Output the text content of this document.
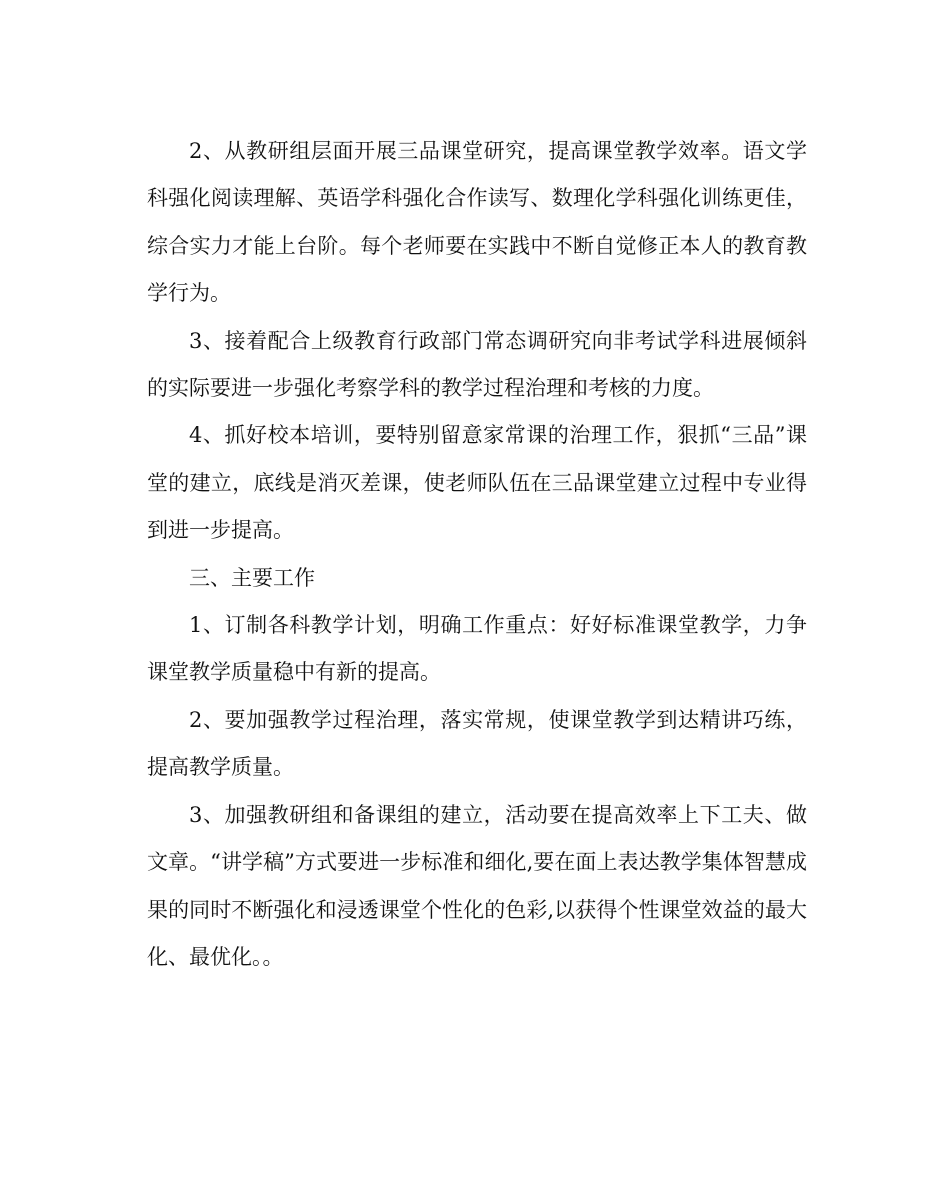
2、从教研组层面开展三品课堂研究，提高课堂教学效率。语文学科强化阅读理解、英语学科强化合作读写、数理化学科强化训练更佳，综合实力才能上台阶。每个老师要在实践中不断自觉修正本人的教育教学行为。

3、接着配合上级教育行政部门常态调研究向非考试学科进展倾斜的实际要进一步强化考察学科的教学过程治理和考核的力度。

4、抓好校本培训，要特别留意家常课的治理工作，狠抓“三品”课堂的建立，底线是消灭差课，使老师队伍在三品课堂建立过程中专业得到进一步提高。

三、主要工作

1、订制各科教学计划，明确工作重点：好好标准课堂教学，力争课堂教学质量稳中有新的提高。

2、要加强教学过程治理，落实常规，使课堂教学到达精讲巧练，提高教学质量。

3、加强教研组和备课组的建立，活动要在提高效率上下工夫、做文章。“讲学稿”方式要进一步标准和细化,要在面上表达教学集体智慧成果的同时不断强化和浸透课堂个性化的色彩,以获得个性课堂效益的最大化、最优化。。
